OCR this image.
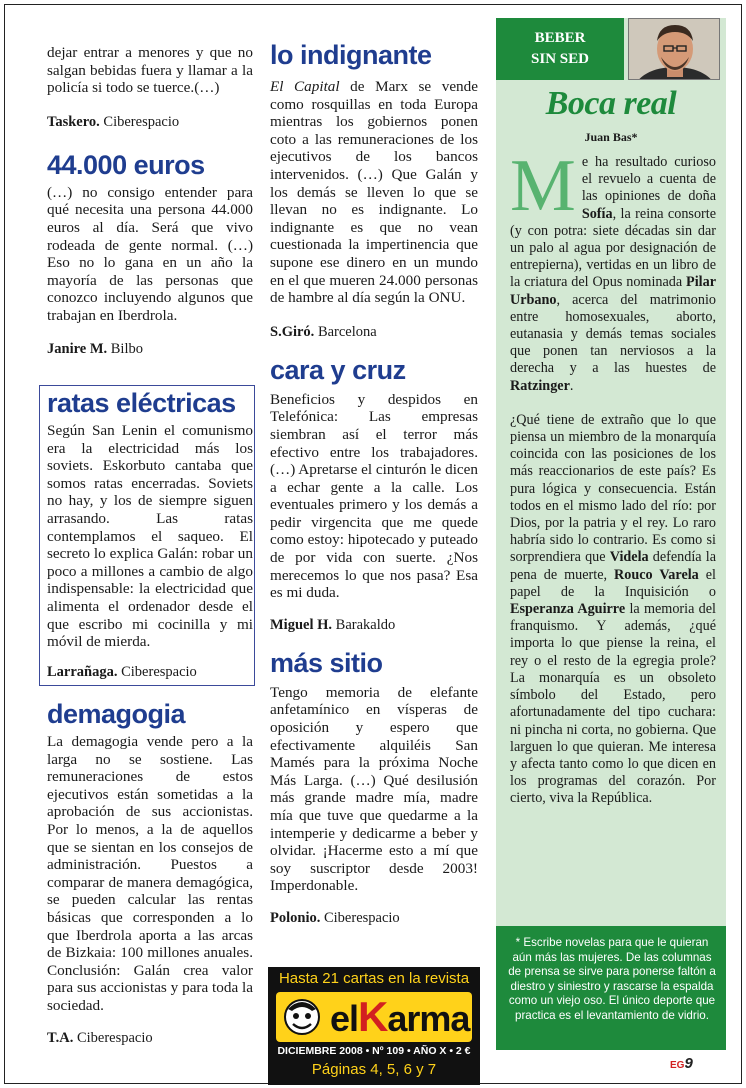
dejar entrar a menores y que no salgan bebidas fuera y llamar a la policía si todo se tuerce.(…)
Taskero. Ciberespacio
44.000 euros
(…) no consigo entender para qué necesita una persona 44.000 euros al día. Será que vivo rodeada de gente normal. (…) Eso no lo gana en un año la mayoría de las personas que conozco incluyendo algunos que trabajan en Iberdrola.
Janire M. Bilbo
ratas eléctricas
Según San Lenin el comunismo era la electricidad más los soviets. Eskorbuto cantaba que somos ratas encerradas. Soviets no hay, y los de siempre siguen arrasando. Las ratas contemplamos el saqueo. El secreto lo explica Galán: robar un poco a millones a cambio de algo indispensable: la electricidad que alimenta el ordenador desde el que escribo mi cocinilla y mi móvil de mierda.
Larrañaga. Ciberespacio
demagogia
La demagogia vende pero a la larga no se sostiene. Las remuneraciones de estos ejecutivos están sometidas a la aprobación de sus accionistas. Por lo menos, a la de aquellos que se sientan en los consejos de administración. Puestos a comparar de manera demagógica, se pueden calcular las rentas básicas que corresponden a lo que Iberdrola aporta a las arcas de Bizkaia: 100 millones anuales. Conclusión: Galán crea valor para sus accionistas y para toda la sociedad.
T.A. Ciberespacio
lo indignante
El Capital de Marx se vende como rosquillas en toda Europa mientras los gobiernos ponen coto a las remuneraciones de los ejecutivos de los bancos intervenidos. (…) Que Galán y los demás se lleven lo que se llevan no es indignante. Lo indignante es que no vean cuestionada la impertinencia que supone ese dinero en un mundo en el que mueren 24.000 personas de hambre al día según la ONU.
S.Giró. Barcelona
cara y cruz
Beneficios y despidos en Telefónica: Las empresas siembran así el terror más efectivo entre los trabajadores. (…) Apretarse el cinturón le dicen a echar gente a la calle. Los eventuales primero y los demás a pedir virgencita que me quede como estoy: hipotecado y puteado de por vida con suerte. ¿Nos merecemos lo que nos pasa? Esa es mi duda.
Miguel H. Barakaldo
más sitio
Tengo memoria de elefante anfetamínico en vísperas de oposición y espero que efectivamente alquiléis San Mamés para la próxima Noche Más Larga. (…) Qué desilusión más grande madre mía, madre mía que tuve que quedarme a la intemperie y dedicarme a beber y olvidar. ¡Hacerme esto a mí que soy suscriptor desde 2003! Imperdonable.
Polonio. Ciberespacio
Hasta 21 cartas en la revista
elKarma
DICIEMBRE 2008 • Nº 109 • AÑO X • 2 €
Páginas 4, 5, 6 y 7
BEBER
SIN SED
Boca real
Juan Bas*

Me ha resultado curioso el revuelo a cuenta de las opiniones de doña Sofía, la reina consorte (y con potra: siete décadas sin dar un palo al agua por designación de entrepierna), vertidas en un libro de la criatura del Opus nominada Pilar Urbano, acerca del matrimonio entre homosexuales, aborto, eutanasia y demás temas sociales que ponen tan nerviosos a la derecha y a las huestes de Ratzinger.

¿Qué tiene de extraño que lo que piensa un miembro de la monarquía coincida con las posiciones de los más reaccionarios de este país? Es pura lógica y consecuencia. Están todos en el mismo lado del río: por Dios, por la patria y el rey. Lo raro habría sido lo contrario. Es como si sorprendiera que Videla defendía la pena de muerte, Rouco Varela el papel de la Inquisición o Esperanza Aguirre la memoria del franquismo. Y además, ¿qué importa lo que piense la reina, el rey o el resto de la egregia prole? La monarquía es un obsoleto símbolo del Estado, pero afortunadamente del tipo cuchara: ni pincha ni corta, no gobierna. Que larguen lo que quieran. Me interesa y afecta tanto como lo que dicen en los programas del corazón. Por cierto, viva la República.

* Escribe novelas para que le quieran aún más las mujeres. De las columnas de prensa se sirve para ponerse faltón a diestro y siniestro y rascarse la espalda como un viejo oso. El único deporte que practica es el levantamiento de vidrio.
EG9
